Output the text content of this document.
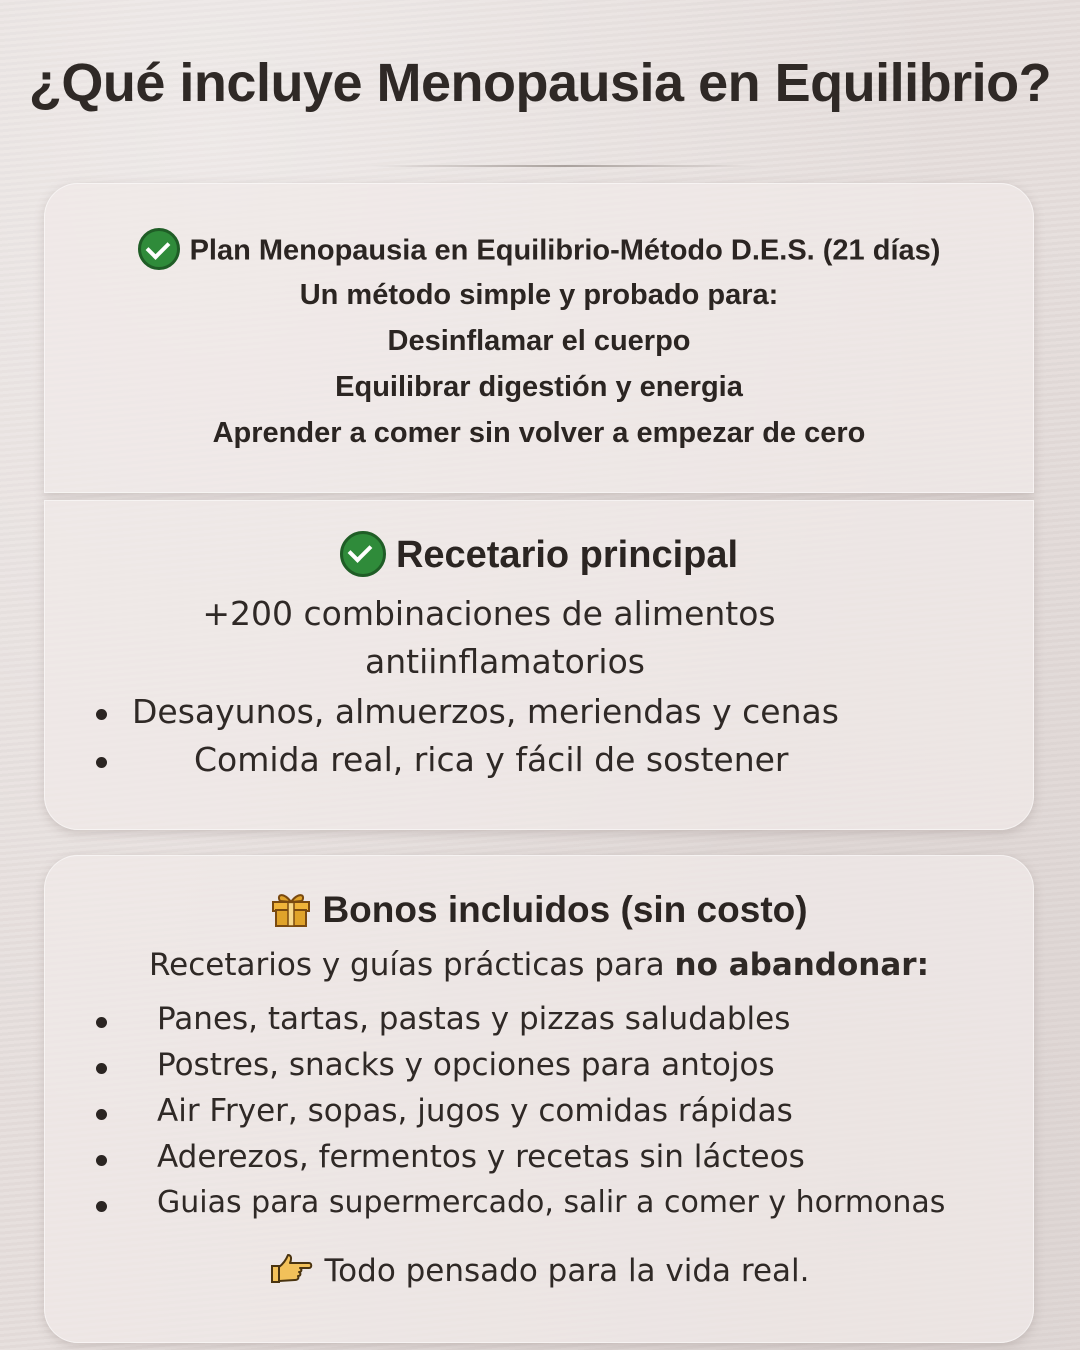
¿Qué incluye Menopausia en Equilibrio?
Plan Menopausia en Equilibrio-Método D.E.S. (21 días)
Un método simple y probado para:
Desinflamar el cuerpo
Equilibrar digestión y energia
Aprender a comer sin volver a empezar de cero
Recetario principal
+200 combinaciones de alimentos
antiinflamatorios
Desayunos, almuerzos, meriendas y cenas
Comida real, rica y fácil de sostener
Bonos incluidos (sin costo)
Recetarios y guías prácticas para no abandonar:
Panes, tartas, pastas y pizzas saludables
Postres, snacks y opciones para antojos
Air Fryer, sopas, jugos y comidas rápidas
Aderezos, fermentos y recetas sin lácteos
Guias para supermercado, salir a comer y hormonas
Todo pensado para la vida real.
